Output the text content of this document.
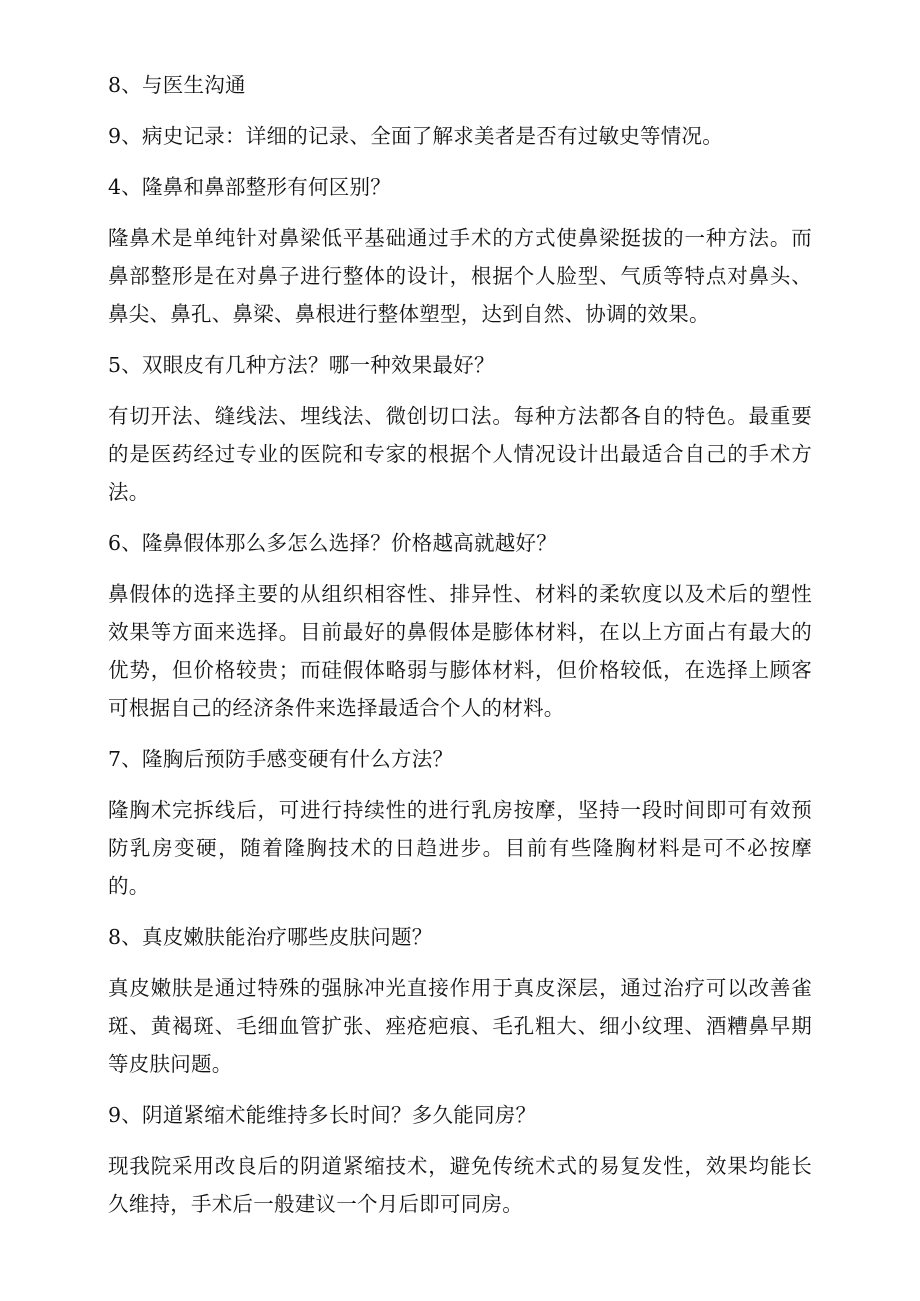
8、与医生沟通
9、病史记录：详细的记录、全面了解求美者是否有过敏史等情况。
4、隆鼻和鼻部整形有何区别？
隆鼻术是单纯针对鼻梁低平基础通过手术的方式使鼻梁挺拔的一种方法。而鼻部整形是在对鼻子进行整体的设计，根据个人脸型、气质等特点对鼻头、鼻尖、鼻孔、鼻梁、鼻根进行整体塑型，达到自然、协调的效果。
5、双眼皮有几种方法？哪一种效果最好？
有切开法、缝线法、埋线法、微创切口法。每种方法都各自的特色。最重要的是医药经过专业的医院和专家的根据个人情况设计出最适合自己的手术方法。
6、隆鼻假体那么多怎么选择？价格越高就越好？
鼻假体的选择主要的从组织相容性、排异性、材料的柔软度以及术后的塑性效果等方面来选择。目前最好的鼻假体是膨体材料，在以上方面占有最大的优势，但价格较贵；而硅假体略弱与膨体材料，但价格较低，在选择上顾客可根据自己的经济条件来选择最适合个人的材料。
7、隆胸后预防手感变硬有什么方法？
隆胸术完拆线后，可进行持续性的进行乳房按摩，坚持一段时间即可有效预防乳房变硬，随着隆胸技术的日趋进步。目前有些隆胸材料是可不必按摩的。
8、真皮嫩肤能治疗哪些皮肤问题？
真皮嫩肤是通过特殊的强脉冲光直接作用于真皮深层，通过治疗可以改善雀斑、黄褐斑、毛细血管扩张、痤疮疤痕、毛孔粗大、细小纹理、酒糟鼻早期等皮肤问题。
9、阴道紧缩术能维持多长时间？多久能同房？
现我院采用改良后的阴道紧缩技术，避免传统术式的易复发性，效果均能长久维持，手术后一般建议一个月后即可同房。
